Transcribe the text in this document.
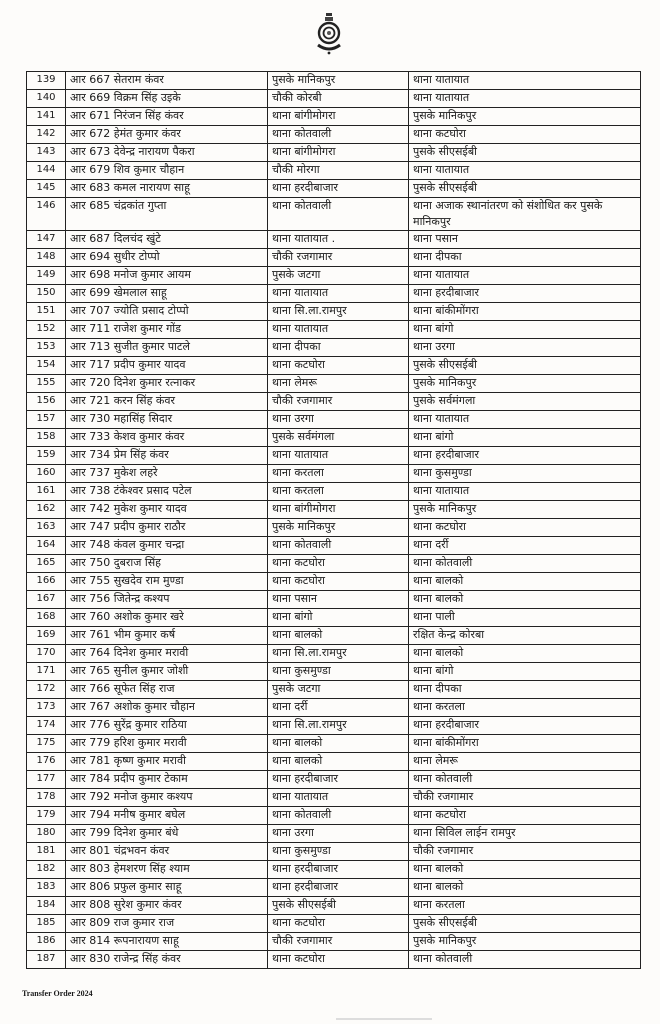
139	आर 667 सेतराम कंवर	पुसके मानिकपुर	थाना यातायात
140	आर 669 विक्रम सिंह उइके	चौकी कोरबी	थाना यातायात
141	आर 671 निरंजन सिंह कंवर	थाना बांगीमोगरा	पुसके मानिकपुर
142	आर 672 हेमंत कुमार कंवर	थाना कोतवाली	थाना कटघोरा
143	आर 673 देवेन्द्र नारायण पैकरा	थाना बांगीमोगरा	पुसके सीएसईबी
144	आर 679 शिव कुमार चौहान	चौकी मोरगा	थाना यातायात
145	आर 683 कमल नारायण साहू	थाना हरदीबाजार	पुसके सीएसईबी
146	आर 685 चंद्रकांत गुप्ता	थाना कोतवाली	थाना अजाक स्थानांतरण को संशोधित कर पुसके मानिकपुर
147	आर 687 दिलचंद खुंटे	थाना यातायात .	थाना पसान
148	आर 694 सुधीर टोप्पो	चौकी रजगामार	थाना दीपका
149	आर 698 मनोज कुमार आयम	पुसके जटगा	थाना यातायात
150	आर 699 खेमलाल साहू	थाना यातायात	थाना हरदीबाजार
151	आर 707 ज्योति प्रसाद टोप्पो	थाना सि.ला.रामपुर	थाना बांकीमोंगरा
152	आर 711 राजेश कुमार गोंड	थाना यातायात	थाना बांगो
153	आर 713 सुजीत कुमार पाटले	थाना दीपका	थाना उरगा
154	आर 717 प्रदीप कुमार यादव	थाना कटघोरा	पुसके सीएसईबी
155	आर 720 दिनेश कुमार रत्नाकर	थाना लेमरू	पुसके मानिकपुर
156	आर 721 करन सिंह कंवर	चौकी रजगामार	पुसके सर्वमंगला
157	आर 730 महासिंह सिदार	थाना उरगा	थाना यातायात
158	आर 733 केशव कुमार कंवर	पुसके सर्वमंगला	थाना बांगो
159	आर 734 प्रेम सिंह कंवर	थाना यातायात	थाना हरदीबाजार
160	आर 737 मुकेश लहरे	थाना करतला	थाना कुसमुण्डा
161	आर 738 टंकेश्वर प्रसाद पटेल	थाना करतला	थाना यातायात
162	आर 742 मुकेश कुमार यादव	थाना बांगीमोगरा	पुसके मानिकपुर
163	आर 747 प्रदीप कुमार राठौर	पुसके मानिकपुर	थाना कटघोरा
164	आर 748 कंवल कुमार चन्द्रा	थाना कोतवाली	थाना दर्री
165	आर 750 दुबराज सिंह	थाना कटघोरा	थाना कोतवाली
166	आर 755 सुखदेव राम मुण्डा	थाना कटघोरा	थाना बालको
167	आर 756 जितेन्द्र कश्यप	थाना पसान	थाना बालको
168	आर 760 अशोक कुमार खरे	थाना बांगो	थाना पाली
169	आर 761 भीम कुमार कर्ष	थाना बालको	रक्षित केन्द्र कोरबा
170	आर 764 दिनेश कुमार मरावी	थाना सि.ला.रामपुर	थाना बालको
171	आर 765 सुनील कुमार जोशी	थाना कुसमुण्डा	थाना बांगो
172	आर 766 सूफेत सिंह राज	पुसके जटगा	थाना दीपका
173	आर 767 अशोक कुमार चौहान	थाना दर्री	थाना करतला
174	आर 776 सुरेंद्र कुमार राठिया	थाना सि.ला.रामपुर	थाना हरदीबाजार
175	आर 779 हरिश कुमार मरावी	थाना बालको	थाना बांकीमोंगरा
176	आर 781 कृष्ण कुमार मरावी	थाना बालको	थाना लेमरू
177	आर 784 प्रदीप कुमार टेकाम	थाना हरदीबाजार	थाना कोतवाली
178	आर 792 मनोज कुमार कश्यप	थाना यातायात	चौकी रजगामार
179	आर 794 मनीष कुमार बघेल	थाना कोतवाली	थाना कटघोरा
180	आर 799 दिनेश कुमार बंधे	थाना उरगा	थाना सिविल लाईन रामपुर
181	आर 801 चंद्रभवन कंवर	थाना कुसमुण्डा	चौकी रजगामार
182	आर 803 हेमशरण सिंह श्याम	थाना हरदीबाजार	थाना बालको
183	आर 806 प्रफुल कुमार साहू	थाना हरदीबाजार	थाना बालको
184	आर 808 सुरेश कुमार कंवर	पुसके सीएसईबी	थाना करतला
185	आर 809 राज कुमार राज	थाना कटघोरा	पुसके सीएसईबी
186	आर 814 रूपनारायण साहू	चौकी रजगामार	पुसके मानिकपुर
187	आर 830 राजेन्द्र सिंह कंवर	थाना कटघोरा	थाना कोतवाली
Transfer Order 2024
